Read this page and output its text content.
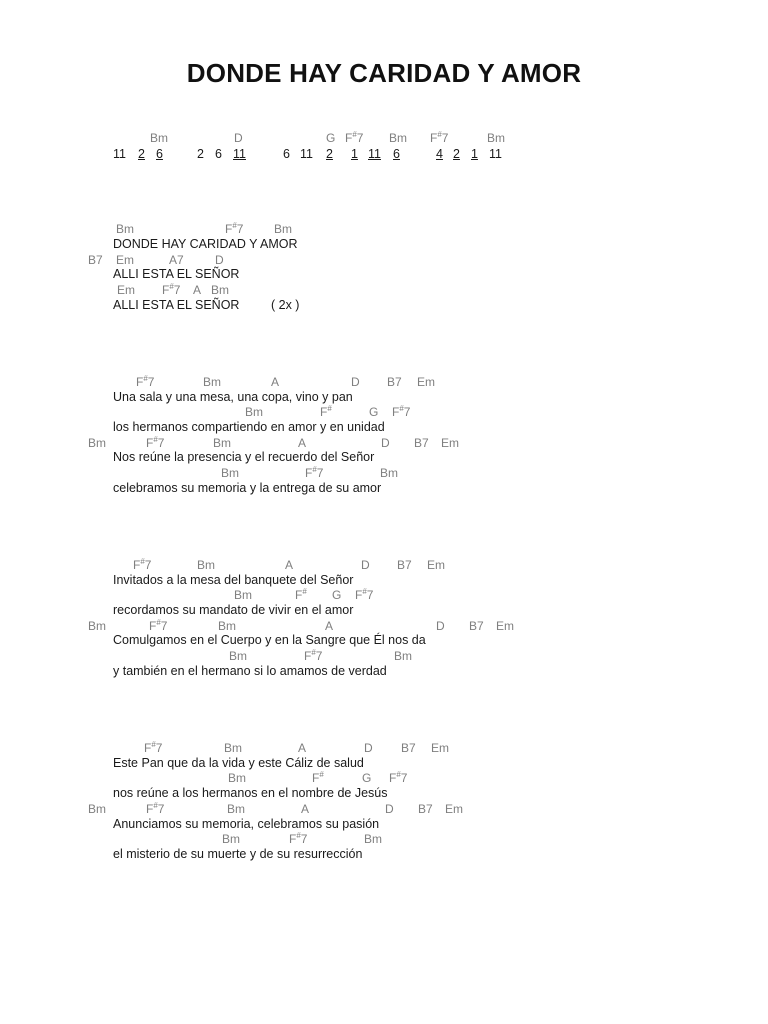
DONDE HAY CARIDAD Y AMOR
Bm	D	G F#7 Bm F#7	Bm
11 2 6	2 6 11	6 11 2 1 11 6	4 2 1 11
Bm	F#7	Bm
DONDE HAY CARIDAD Y AMOR
B7 Em	A7	D
ALLI ESTA EL SEÑOR
Em F#7 A Bm
ALLI ESTA EL SEÑOR	( 2x )
F#7	Bm	A	D B7 Em
Una sala y una mesa, una copa, vino y pan
Bm	F#	G F#7
los hermanos compartiendo en amor y en unidad
Bm	F#7	Bm	A	D B7 Em
Nos reúne la presencia y el recuerdo del Señor
Bm	F#7	Bm
celebramos su memoria y la entrega de su amor
F#7	Bm	A	D B7 Em
Invitados a la mesa del banquete del Señor
Bm	F# G F#7
recordamos su mandato de vivir en el amor
Bm	F#7	Bm	A	D B7 Em
Comulgamos en el Cuerpo y en la Sangre que Él nos da
Bm	F#7	Bm
y también en el hermano si lo amamos de verdad
F#7	Bm	A	D B7 Em
Este Pan que da la vida y este Cáliz de salud
Bm	F#	G F#7
nos reúne a los hermanos en el nombre de Jesús
Bm	F#7	Bm	A	D B7 Em
Anunciamos su memoria, celebramos su pasión
Bm	F#7	Bm
el misterio de su muerte y de su resurrección
